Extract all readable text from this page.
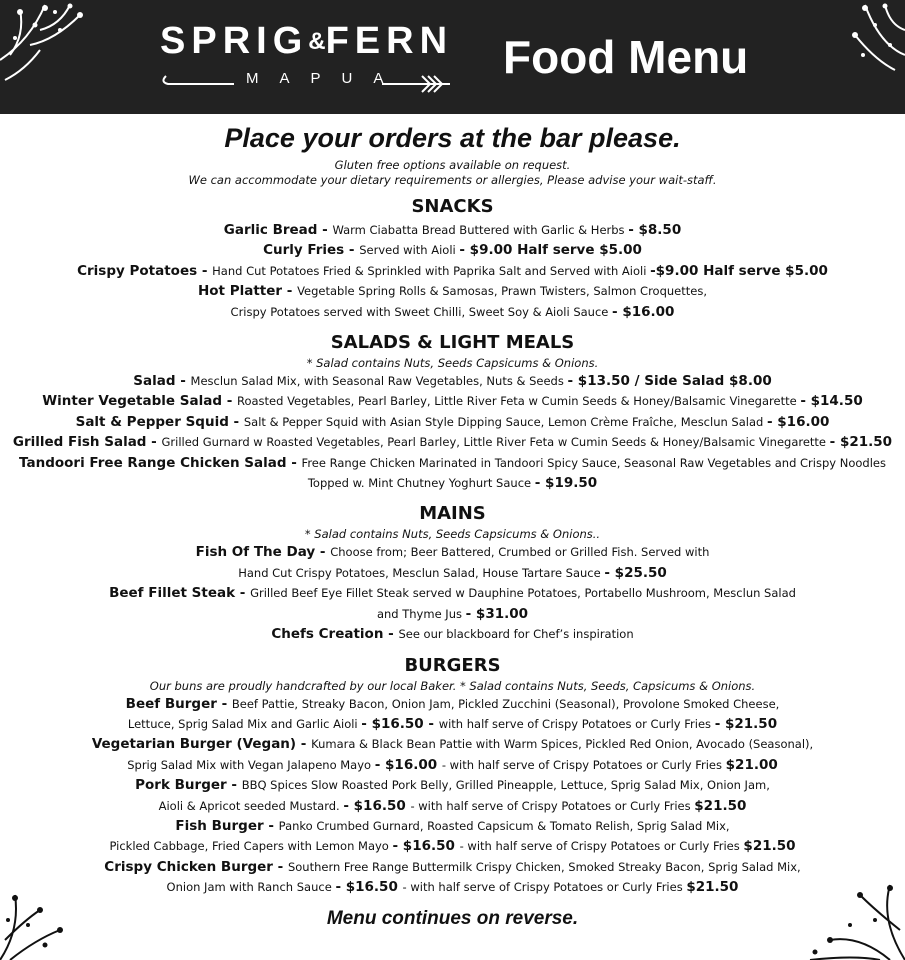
SPRIG&FERN
MAPUA Food Menu
Place your orders at the bar please.
Gluten free options available on request.
We can accommodate your dietary requirements or allergies, Please advise your wait-staff.
SNACKS
Garlic Bread - Warm Ciabatta Bread Buttered with Garlic & Herbs - $8.50
Curly Fries - Served with Aioli - $9.00 Half serve $5.00
Crispy Potatoes - Hand Cut Potatoes Fried & Sprinkled with Paprika Salt and Served with Aioli -$9.00 Half serve $5.00
Hot Platter - Vegetable Spring Rolls & Samosas, Prawn Twisters, Salmon Croquettes,
Crispy Potatoes served with Sweet Chilli, Sweet Soy & Aioli Sauce - $16.00
SALADS & LIGHT MEALS
* Salad contains Nuts, Seeds Capsicums & Onions.
Salad - Mesclun Salad Mix, with Seasonal Raw Vegetables, Nuts & Seeds - $13.50 / Side Salad $8.00
Winter Vegetable Salad - Roasted Vegetables, Pearl Barley, Little River Feta w Cumin Seeds & Honey/Balsamic Vinegarette - $14.50
Salt & Pepper Squid - Salt & Pepper Squid with Asian Style Dipping Sauce, Lemon Crème Fraîche, Mesclun Salad - $16.00
Grilled Fish Salad - Grilled Gurnard w Roasted Vegetables, Pearl Barley, Little River Feta w Cumin Seeds & Honey/Balsamic Vinegarette - $21.50
Tandoori Free Range Chicken Salad - Free Range Chicken Marinated in Tandoori Spicy Sauce, Seasonal Raw Vegetables and Crispy Noodles
Topped w. Mint Chutney Yoghurt Sauce - $19.50
MAINS
* Salad contains Nuts, Seeds Capsicums & Onions..
Fish Of The Day - Choose from; Beer Battered, Crumbed or Grilled Fish. Served with
Hand Cut Crispy Potatoes, Mesclun Salad, House Tartare Sauce - $25.50
Beef Fillet Steak - Grilled Beef Eye Fillet Steak served w Dauphine Potatoes, Portabello Mushroom, Mesclun Salad
and Thyme Jus - $31.00
Chefs Creation - See our blackboard for Chef’s inspiration
BURGERS
Our buns are proudly handcrafted by our local Baker. * Salad contains Nuts, Seeds, Capsicums & Onions.
Beef Burger - Beef Pattie, Streaky Bacon, Onion Jam, Pickled Zucchini (Seasonal), Provolone Smoked Cheese,
Lettuce, Sprig Salad Mix and Garlic Aioli - $16.50 - with half serve of Crispy Potatoes or Curly Fries - $21.50
Vegetarian Burger (Vegan) - Kumara & Black Bean Pattie with Warm Spices, Pickled Red Onion, Avocado (Seasonal),
Sprig Salad Mix with Vegan Jalapeno Mayo - $16.00 - with half serve of Crispy Potatoes or Curly Fries $21.00
Pork Burger - BBQ Spices Slow Roasted Pork Belly, Grilled Pineapple, Lettuce, Sprig Salad Mix, Onion Jam,
Aioli & Apricot seeded Mustard. - $16.50 - with half serve of Crispy Potatoes or Curly Fries $21.50
Fish Burger - Panko Crumbed Gurnard, Roasted Capsicum & Tomato Relish, Sprig Salad Mix,
Pickled Cabbage, Fried Capers with Lemon Mayo - $16.50 - with half serve of Crispy Potatoes or Curly Fries $21.50
Crispy Chicken Burger - Southern Free Range Buttermilk Crispy Chicken, Smoked Streaky Bacon, Sprig Salad Mix,
Onion Jam with Ranch Sauce - $16.50 - with half serve of Crispy Potatoes or Curly Fries $21.50
Menu continues on reverse.
